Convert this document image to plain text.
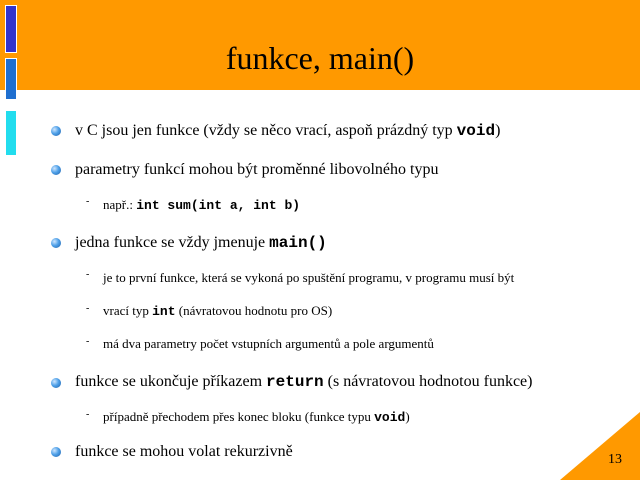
funkce, main()
v C jsou jen funkce (vždy se něco vrací, aspoň prázdný typ void)
parametry funkcí mohou být proměnné libovolného typu
- např.: int sum(int a, int b)
jedna funkce se vždy jmenuje main()
- je to první funkce, která se vykoná po spuštění programu, v programu musí být
- vrací typ int (návratovou hodnotu pro OS)
- má dva parametry počet vstupních argumentů a pole argumentů
funkce se ukončuje příkazem return (s návratovou hodnotou funkce)
- případně přechodem přes konec bloku (funkce typu void)
funkce se mohou volat rekurzivně	13
